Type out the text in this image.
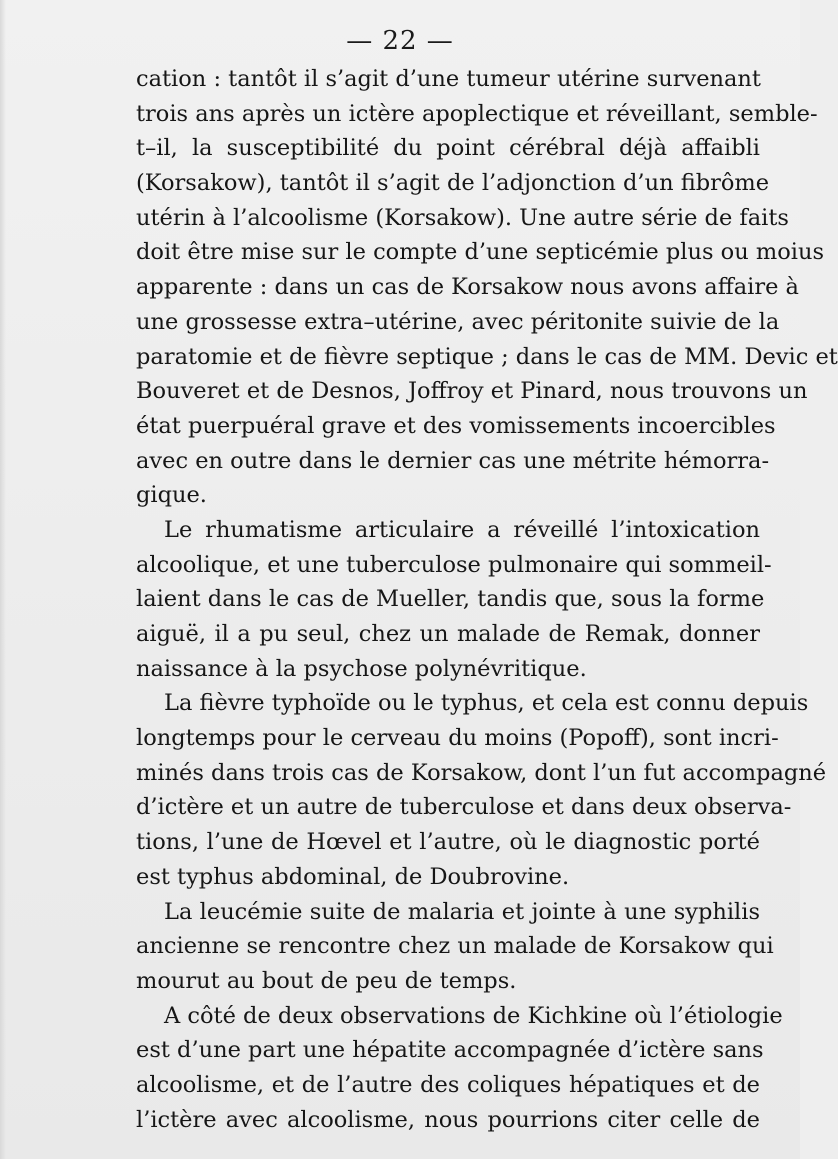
— 22 —
cation : tantôt il s’agit d’une tumeur utérine survenant
trois ans après un ictère apoplectique et réveillant, semble-
t–il, la susceptibilité du point cérébral déjà affaibli
(Korsakow), tantôt il s’agit de l’adjonction d’un fibrôme
utérin à l’alcoolisme (Korsakow). Une autre série de faits
doit être mise sur le compte d’une septicémie plus ou moius
apparente : dans un cas de Korsakow nous avons affaire à
une grossesse extra–utérine, avec péritonite suivie de la
paratomie et de fièvre septique ; dans le cas de MM. Devic et
Bouveret et de Desnos, Joffroy et Pinard, nous trouvons un
état puerpuéral grave et des vomissements incoercibles
avec en outre dans le dernier cas une métrite hémorra-
gique.
Le rhumatisme articulaire a réveillé l’intoxication
alcoolique, et une tuberculose pulmonaire qui sommeil-
laient dans le cas de Mueller, tandis que, sous la forme
aiguë, il a pu seul, chez un malade de Remak, donner
naissance à la psychose polynévritique.
La fièvre typhoïde ou le typhus, et cela est connu depuis
longtemps pour le cerveau du moins (Popoff), sont incri-
minés dans trois cas de Korsakow, dont l’un fut accompagné
d’ictère et un autre de tuberculose et dans deux observa-
tions, l’une de Hœvel et l’autre, où le diagnostic porté
est typhus abdominal, de Doubrovine.
La leucémie suite de malaria et jointe à une syphilis
ancienne se rencontre chez un malade de Korsakow qui
mourut au bout de peu de temps.
A côté de deux observations de Kichkine où l’étiologie
est d’une part une hépatite accompagnée d’ictère sans
alcoolisme, et de l’autre des coliques hépatiques et de
l’ictère avec alcoolisme, nous pourrions citer celle de
